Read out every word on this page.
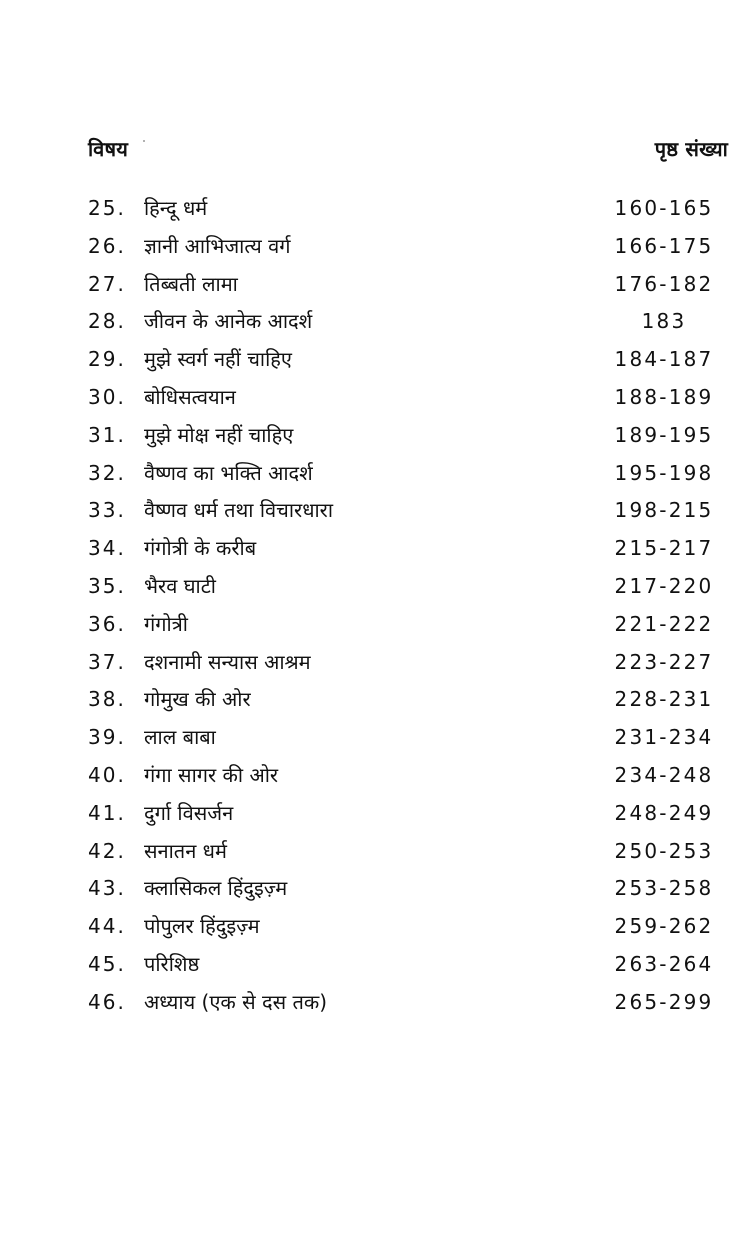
विषय	पृष्ठ संख्या
25. हिन्दू धर्म	160-165
26. ज्ञानी आभिजात्य वर्ग	166-175
27. तिब्बती लामा	176-182
28. जीवन के आनेक आदर्श	183
29. मुझे स्वर्ग नहीं चाहिए	184-187
30. बोधिसत्वयान	188-189
31. मुझे मोक्ष नहीं चाहिए	189-195
32. वैष्णव का भक्ति आदर्श	195-198
33. वैष्णव धर्म तथा विचारधारा	198-215
34. गंगोत्री के करीब	215-217
35. भैरव घाटी	217-220
36. गंगोत्री	221-222
37. दशनामी सन्यास आश्रम	223-227
38. गोमुख की ओर	228-231
39. लाल बाबा	231-234
40. गंगा सागर की ओर	234-248
41. दुर्गा विसर्जन	248-249
42. सनातन धर्म	250-253
43. क्लासिकल हिंदुइज़्म	253-258
44. पोपुलर हिंदुइज़्म	259-262
45. परिशिष्ठ	263-264
46. अध्याय (एक से दस तक)	265-299
